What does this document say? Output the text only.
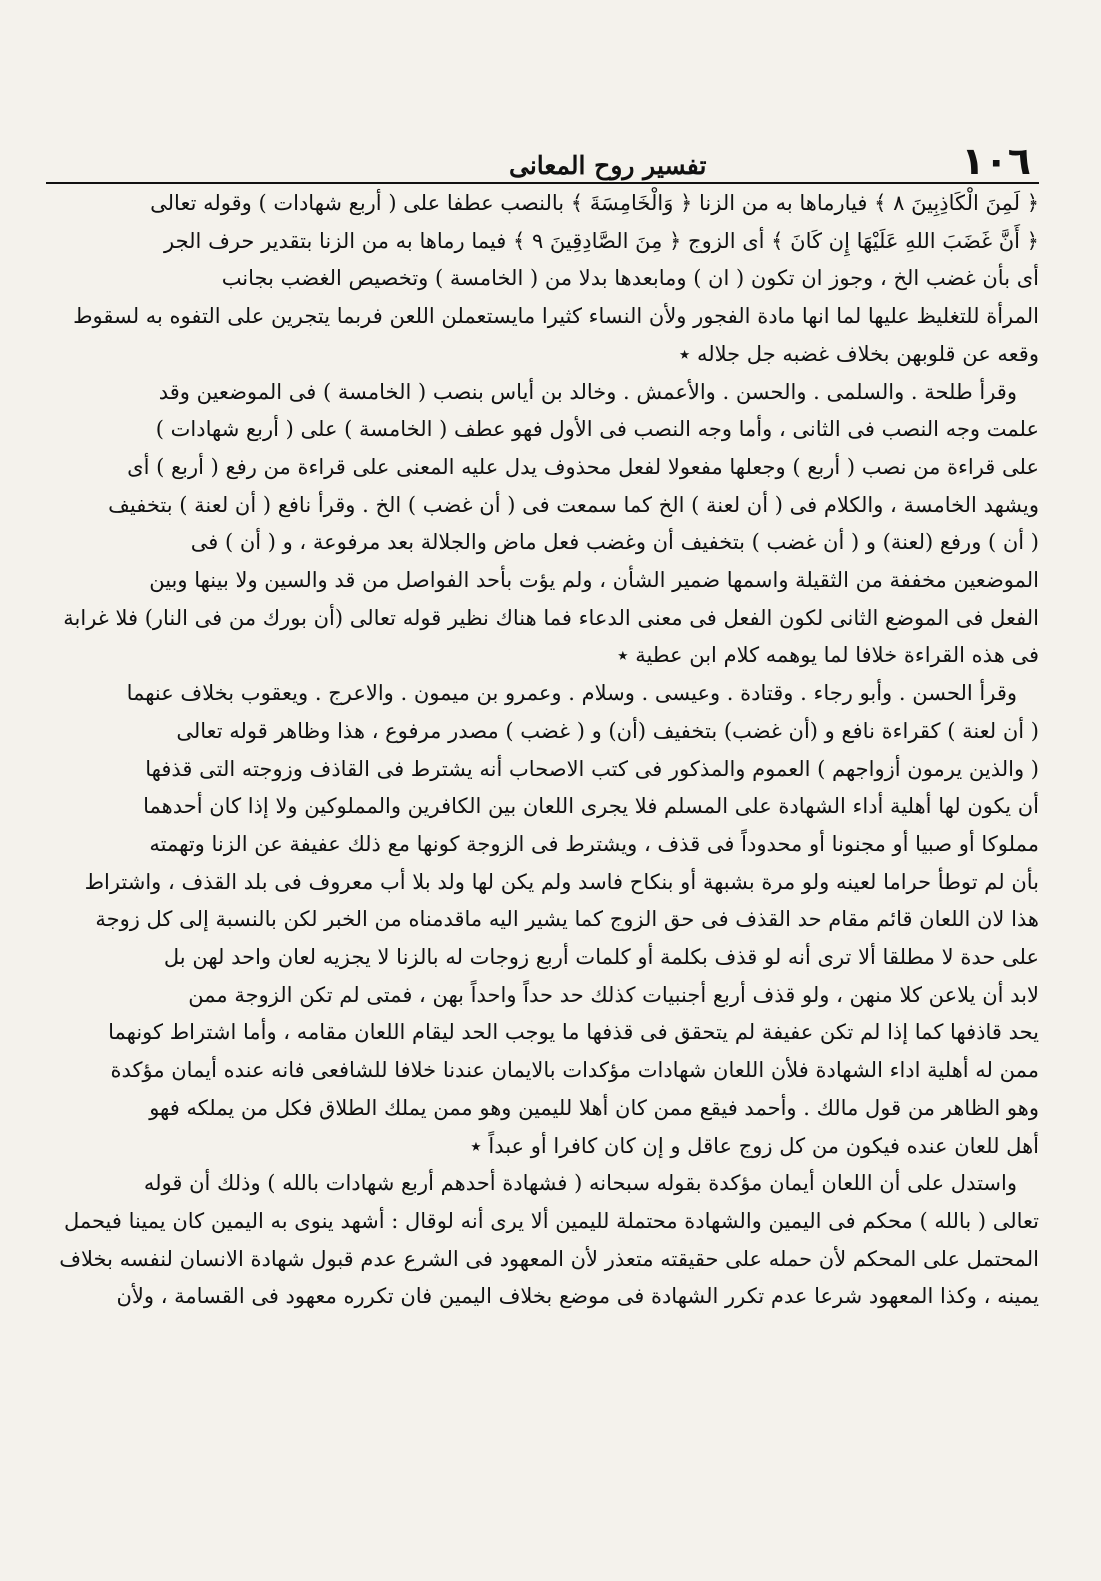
١٠٦
تفسير روح المعانى
﴿ لَمِنَ الْكَاذِبِينَ ٨ ﴾ فيارماها به من الزنا ﴿ وَالْخَامِسَةَ ﴾ بالنصب عطفا على ( أربع شهادات ) وقوله تعالى
﴿ أَنَّ غَضَبَ اللهِ عَلَيْهَا إِن كَانَ ﴾ أى الزوج ﴿ مِنَ الصَّادِقِينَ ٩ ﴾ فيما رماها به من الزنا بتقدير حرف الجر
أى بأن غضب الخ ، وجوز ان تكون ( ان ) ومابعدها بدلا من ( الخامسة ) وتخصيص الغضب بجانب
المرأة للتغليظ عليها لما انها مادة الفجور ولأن النساء كثيرا مايستعملن اللعن فربما يتجرين على التفوه به لسقوط
وقعه عن قلوبهن بخلاف غضبه جل جلاله ٭
وقرأ طلحة . والسلمى . والحسن . والأعمش . وخالد بن أياس بنصب ( الخامسة ) فى الموضعين وقد
علمت وجه النصب فى الثانى ، وأما وجه النصب فى الأول فهو عطف ( الخامسة ) على ( أربع شهادات )
على قراءة من نصب ( أربع ) وجعلها مفعولا لفعل محذوف يدل عليه المعنى على قراءة من رفع ( أربع ) أى
ويشهد الخامسة ، والكلام فى ( أن لعنة ) الخ كما سمعت فى ( أن غضب ) الخ . وقرأ نافع ( أن لعنة ) بتخفيف
( أن ) ورفع (لعنة) و ( أن غضب ) بتخفيف أن وغضب فعل ماض والجلالة بعد مرفوعة ، و ( أن ) فى
الموضعين مخففة من الثقيلة واسمها ضمير الشأن ، ولم يؤت بأحد الفواصل من قد والسين ولا بينها وبين
الفعل فى الموضع الثانى لكون الفعل فى معنى الدعاء فما هناك نظير قوله تعالى (أن بورك من فى النار) فلا غرابة
فى هذه القراءة خلافا لما يوهمه كلام ابن عطية ٭
وقرأ الحسن . وأبو رجاء . وقتادة . وعيسى . وسلام . وعمرو بن ميمون . والاعرج . ويعقوب بخلاف عنهما
( أن لعنة ) كقراءة نافع و (أن غضب) بتخفيف (أن) و ( غضب ) مصدر مرفوع ، هذا وظاهر قوله تعالى
( والذين يرمون أزواجهم ) العموم والمذكور فى كتب الاصحاب أنه يشترط فى القاذف وزوجته التى قذفها
أن يكون لها أهلية أداء الشهادة على المسلم فلا يجرى اللعان بين الكافرين والمملوكين ولا إذا كان أحدهما
مملوكا أو صبيا أو مجنونا أو محدوداً فى قذف ، ويشترط فى الزوجة كونها مع ذلك عفيفة عن الزنا وتهمته
بأن لم توطأ حراما لعينه ولو مرة بشبهة أو بنكاح فاسد ولم يكن لها ولد بلا أب معروف فى بلد القذف ، واشتراط
هذا لان اللعان قائم مقام حد القذف فى حق الزوج كما يشير اليه ماقدمناه من الخبر لكن بالنسبة إلى كل زوجة
على حدة لا مطلقا ألا ترى أنه لو قذف بكلمة أو كلمات أربع زوجات له بالزنا لا يجزيه لعان واحد لهن بل
لابد أن يلاعن كلا منهن ، ولو قذف أربع أجنبيات كذلك حد حداً واحداً بهن ، فمتى لم تكن الزوجة ممن
يحد قاذفها كما إذا لم تكن عفيفة لم يتحقق فى قذفها ما يوجب الحد ليقام اللعان مقامه ، وأما اشتراط كونهما
ممن له أهلية اداء الشهادة فلأن اللعان شهادات مؤكدات بالايمان عندنا خلافا للشافعى فانه عنده أيمان مؤكدة
وهو الظاهر من قول مالك . وأحمد فيقع ممن كان أهلا لليمين وهو ممن يملك الطلاق فكل من يملكه فهو
أهل للعان عنده فيكون من كل زوج عاقل و إن كان كافرا أو عبداً ٭
واستدل على أن اللعان أيمان مؤكدة بقوله سبحانه ( فشهادة أحدهم أربع شهادات بالله ) وذلك أن قوله
تعالى ( بالله ) محكم فى اليمين والشهادة محتملة لليمين ألا يرى أنه لوقال : أشهد ينوى به اليمين كان يمينا فيحمل
المحتمل على المحكم لأن حمله على حقيقته متعذر لأن المعهود فى الشرع عدم قبول شهادة الانسان لنفسه بخلاف
يمينه ، وكذا المعهود شرعا عدم تكرر الشهادة فى موضع بخلاف اليمين فان تكرره معهود فى القسامة ، ولأن
